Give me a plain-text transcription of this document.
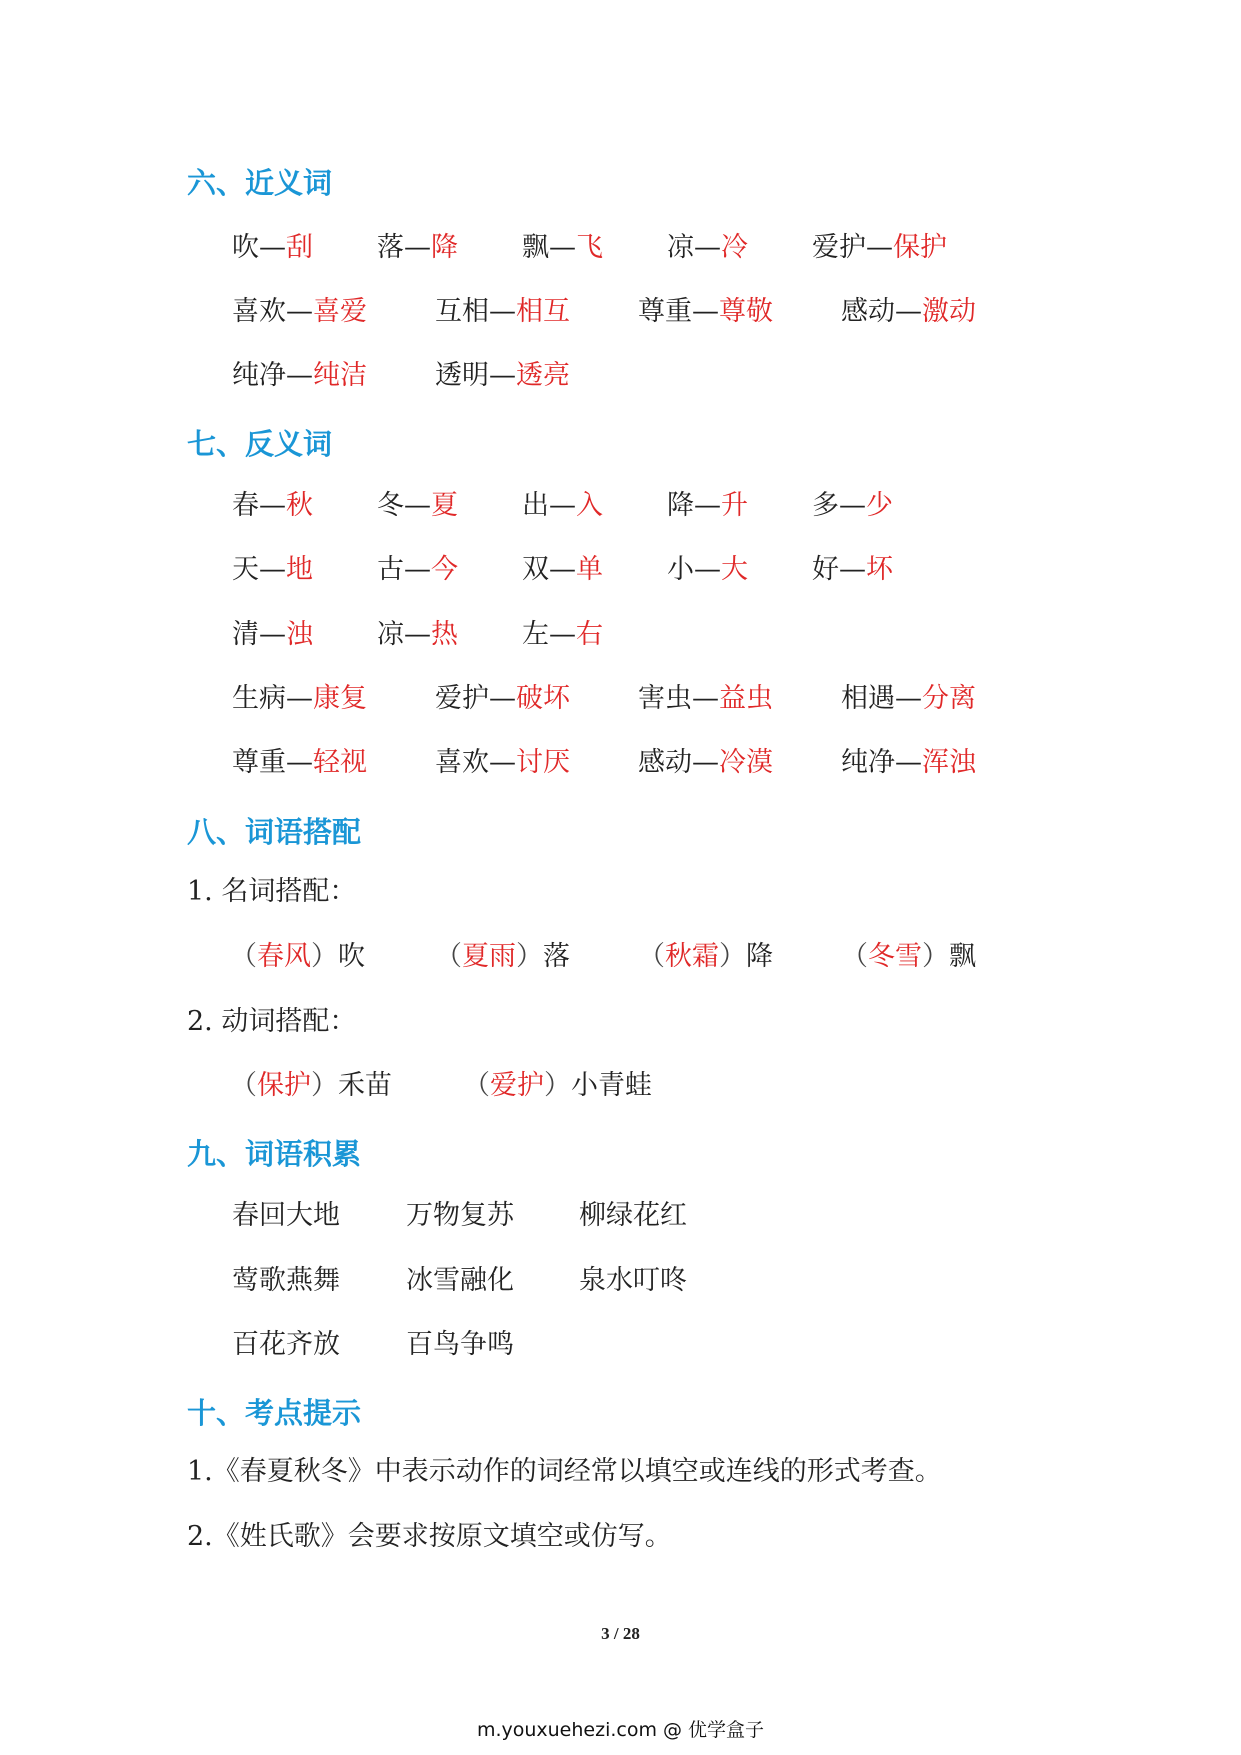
六、近义词
吹—刮 落—降 飘—飞 凉—冷 爱护—保护
喜欢—喜爱	互相—相互	尊重—尊敬	感动—激动
纯净—纯洁	透明—透亮
七、反义词
春—秋 冬—夏 出—入 降—升 多—少
天—地 古—今 双—单 小—大 好—坏
清—浊 凉—热 左—右
生病—康复	爱护—破坏	害虫—益虫	相遇—分离
尊重—轻视	喜欢—讨厌	感动—冷漠	纯净—浑浊
八、词语搭配
1. 名词搭配：
（春风）吹	（夏雨）落	（秋霜）降	（冬雪）飘
2. 动词搭配：
（保护）禾苗	（爱护）小青蛙
九、词语积累
春回大地 万物复苏 柳绿花红
莺歌燕舞 冰雪融化 泉水叮咚
百花齐放 百鸟争鸣
十、考点提示
1.《春夏秋冬》中表示动作的词经常以填空或连线的形式考查。
2.《姓氏歌》会要求按原文填空或仿写。
3 / 28
m.youxuehezi.com @ 优学盒子
